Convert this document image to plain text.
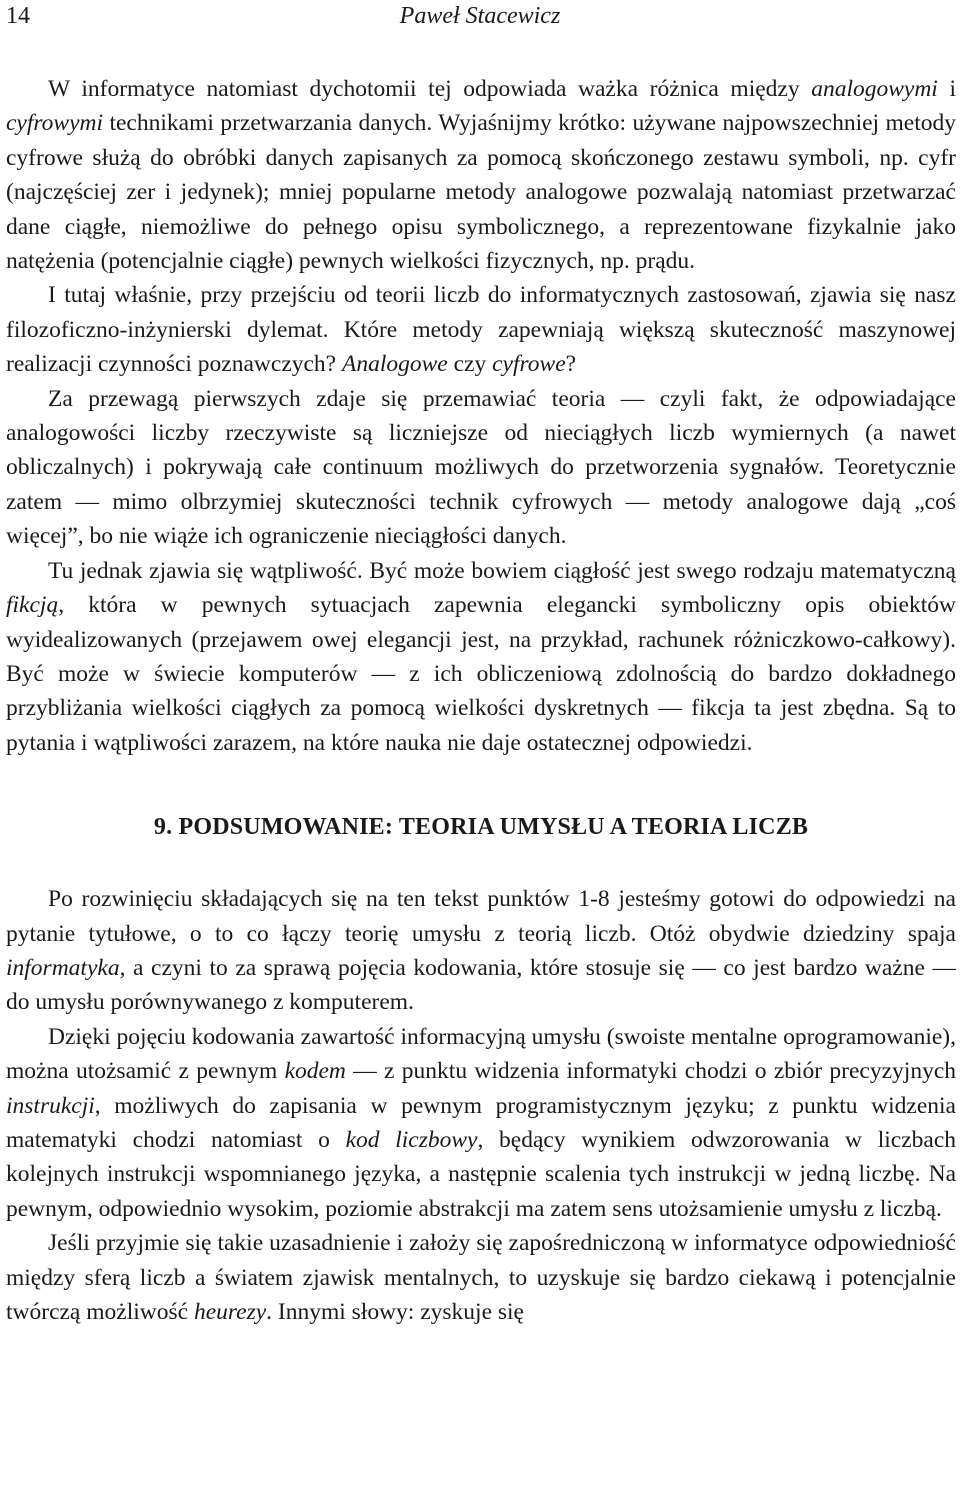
14	Paweł Stacewicz

W informatyce natomiast dychotomii tej odpowiada ważka różnica między analogowymi i cyfrowymi technikami przetwarzania danych. Wyjaśnijmy krótko: używane najpowszechniej metody cyfrowe służą do obróbki danych zapisanych za pomocą skończonego zestawu symboli, np. cyfr (najczęściej zer i jedynek); mniej popularne metody analogowe pozwalają natomiast przetwarzać dane ciągłe, niemożliwe do pełnego opisu symbolicznego, a reprezentowane fizykalnie jako natężenia (potencjalnie ciągłe) pewnych wielkości fizycznych, np. prądu.

I tutaj właśnie, przy przejściu od teorii liczb do informatycznych zastosowań, zjawia się nasz filozoficzno-inżynierski dylemat. Które metody zapewniają większą skuteczność maszynowej realizacji czynności poznawczych? Analogowe czy cyfrowe?

Za przewagą pierwszych zdaje się przemawiać teoria — czyli fakt, że odpowiadające analogowości liczby rzeczywiste są liczniejsze od nieciągłych liczb wymiernych (a nawet obliczalnych) i pokrywają całe continuum możliwych do przetworzenia sygnałów. Teoretycznie zatem — mimo olbrzymiej skuteczności technik cyfrowych — metody analogowe dają „coś więcej”, bo nie wiąże ich ograniczenie nieciągłości danych.

Tu jednak zjawia się wątpliwość. Być może bowiem ciągłość jest swego rodzaju matematyczną fikcją, która w pewnych sytuacjach zapewnia elegancki symboliczny opis obiektów wyidealizowanych (przejawem owej elegancji jest, na przykład, rachunek różniczkowo-całkowy). Być może w świecie komputerów — z ich obliczeniową zdolnością do bardzo dokładnego przybliżania wielkości ciągłych za pomocą wielkości dyskretnych — fikcja ta jest zbędna. Są to pytania i wątpliwości zarazem, na które nauka nie daje ostatecznej odpowiedzi.

9. PODSUMOWANIE: TEORIA UMYSŁU A TEORIA LICZB

Po rozwinięciu składających się na ten tekst punktów 1-8 jesteśmy gotowi do odpowiedzi na pytanie tytułowe, o to co łączy teorię umysłu z teorią liczb. Otóż obydwie dziedziny spaja informatyka, a czyni to za sprawą pojęcia kodowania, które stosuje się — co jest bardzo ważne — do umysłu porównywanego z komputerem.

Dzięki pojęciu kodowania zawartość informacyjną umysłu (swoiste mentalne oprogramowanie), można utożsamić z pewnym kodem — z punktu widzenia informatyki chodzi o zbiór precyzyjnych instrukcji, możliwych do zapisania w pewnym programistycznym języku; z punktu widzenia matematyki chodzi natomiast o kod liczbowy, będący wynikiem odwzorowania w liczbach kolejnych instrukcji wspomnianego języka, a następnie scalenia tych instrukcji w jedną liczbę. Na pewnym, odpowiednio wysokim, poziomie abstrakcji ma zatem sens utożsamienie umysłu z liczbą.

Jeśli przyjmie się takie uzasadnienie i założy się zapośredniczoną w informatyce odpowiedniość między sferą liczb a światem zjawisk mentalnych, to uzyskuje się bardzo ciekawą i potencjalnie twórczą możliwość heurezy. Innymi słowy: zyskuje się
